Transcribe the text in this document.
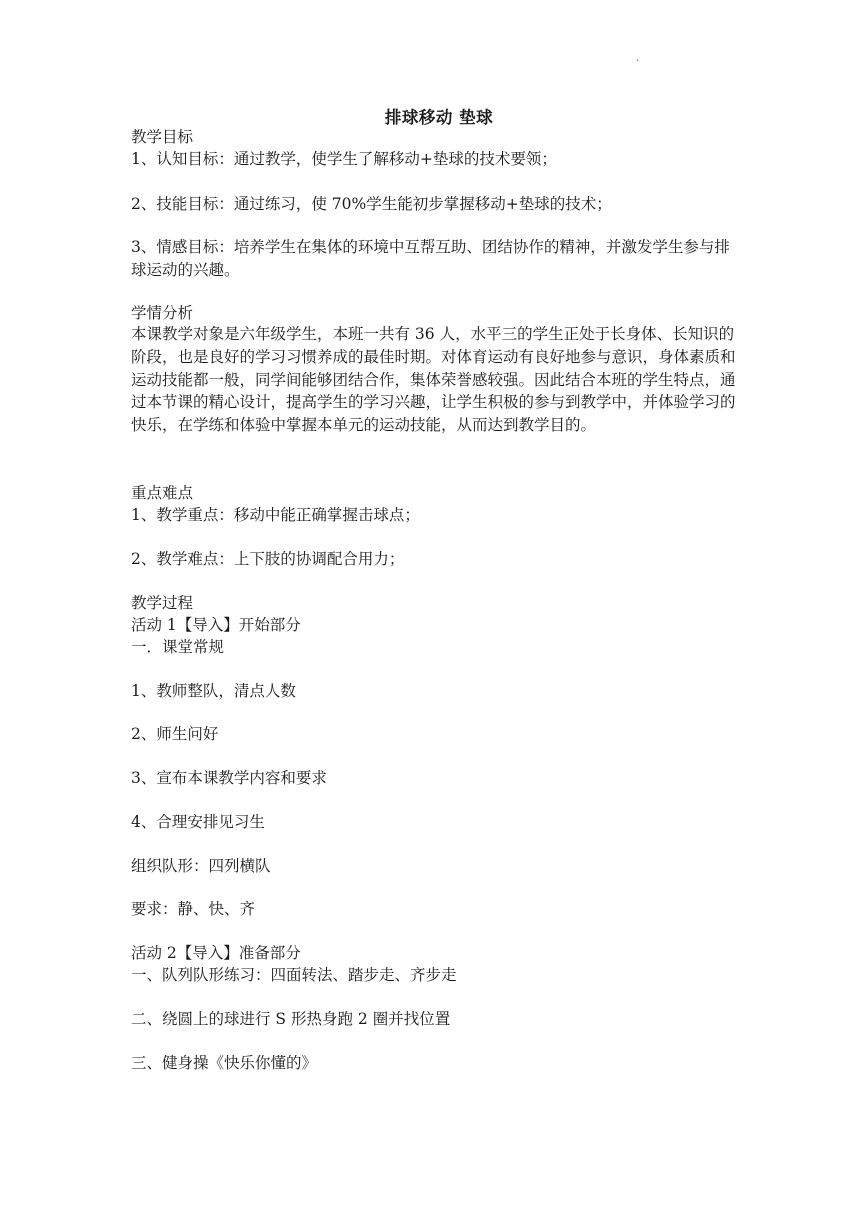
·
排球移动 垫球
教学目标
1、认知目标：通过教学，使学生了解移动+垫球的技术要领；
2、技能目标：通过练习，使 70%学生能初步掌握移动+垫球的技术；
3、情感目标：培养学生在集体的环境中互帮互助、团结协作的精神，并激发学生参与排球运动的兴趣。
学情分析
本课教学对象是六年级学生，本班一共有 36 人，水平三的学生正处于长身体、长知识的阶段，也是良好的学习习惯养成的最佳时期。对体育运动有良好地参与意识，身体素质和运动技能都一般，同学间能够团结合作，集体荣誉感较强。因此结合本班的学生特点，通过本节课的精心设计，提高学生的学习兴趣，让学生积极的参与到教学中，并体验学习的快乐，在学练和体验中掌握本单元的运动技能，从而达到教学目的。
重点难点
1、教学重点：移动中能正确掌握击球点；
2、教学难点：上下肢的协调配合用力；
教学过程
活动 1【导入】开始部分
一．课堂常规
1、教师整队，清点人数
2、师生问好
3、宣布本课教学内容和要求
4、合理安排见习生
组织队形：四列横队
要求：静、快、齐
活动 2【导入】准备部分
一、队列队形练习：四面转法、踏步走、齐步走
二、绕圆上的球进行 S 形热身跑 2 圈并找位置
三、健身操《快乐你懂的》
